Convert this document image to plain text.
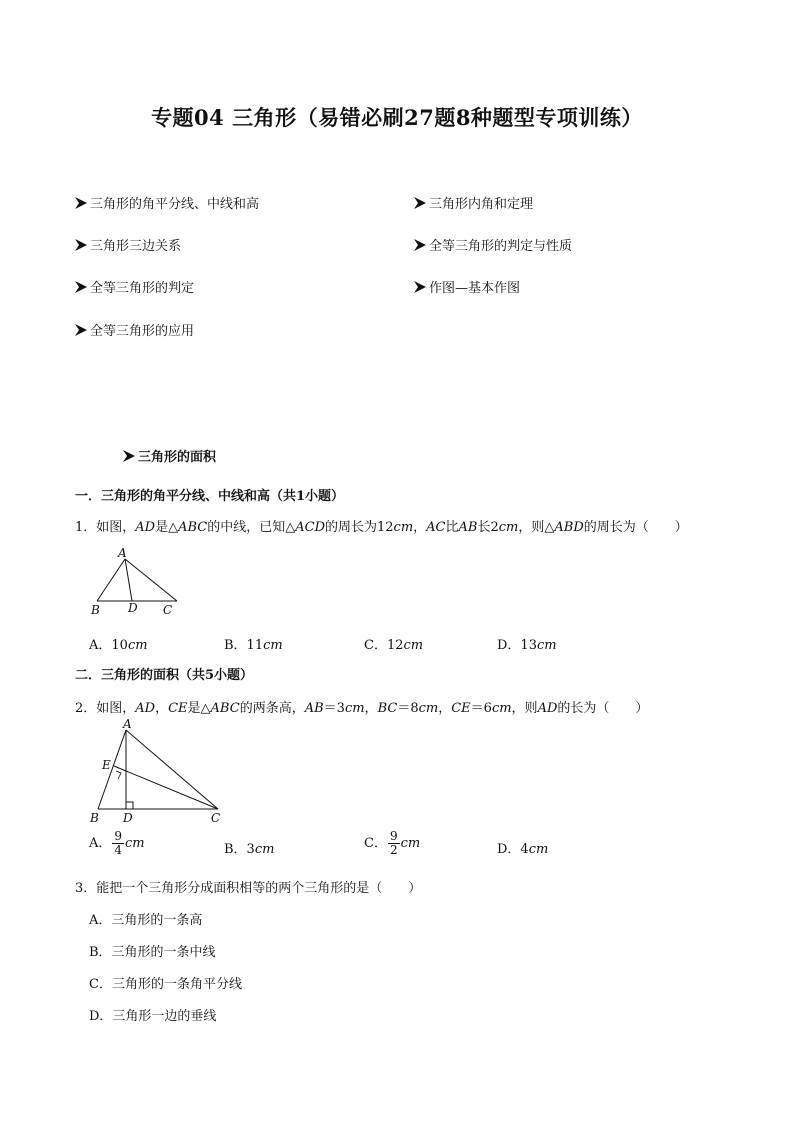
专题04 三角形（易错必刷27题8种题型专项训练）
三角形的角平分线、中线和高	三角形内角和定理
三角形三边关系	全等三角形的判定与性质
全等三角形的判定	作图—基本作图
全等三角形的应用
三角形的面积
一．三角形的角平分线、中线和高（共1小题）
1．如图，AD是△ABC的中线，已知△ACD的周长为12cm，AC比AB长2cm，则△ABD的周长为（　　）
A
B D C
A．10cm	B．11cm	C．12cm	D．13cm
二．三角形的面积（共5小题）
2．如图，AD，CE是△ABC的两条高，AB＝3cm，BC＝8cm，CE＝6cm，则AD的长为（　　）
A
E
B D	C
A． $\frac{9}{4}$ cm	B．3cm	C． $\frac{9}{2}$ cm	D．4cm
3．能把一个三角形分成面积相等的两个三角形的是（　　）
A．三角形的一条高
B．三角形的一条中线
C．三角形的一条角平分线
D．三角形一边的垂线
